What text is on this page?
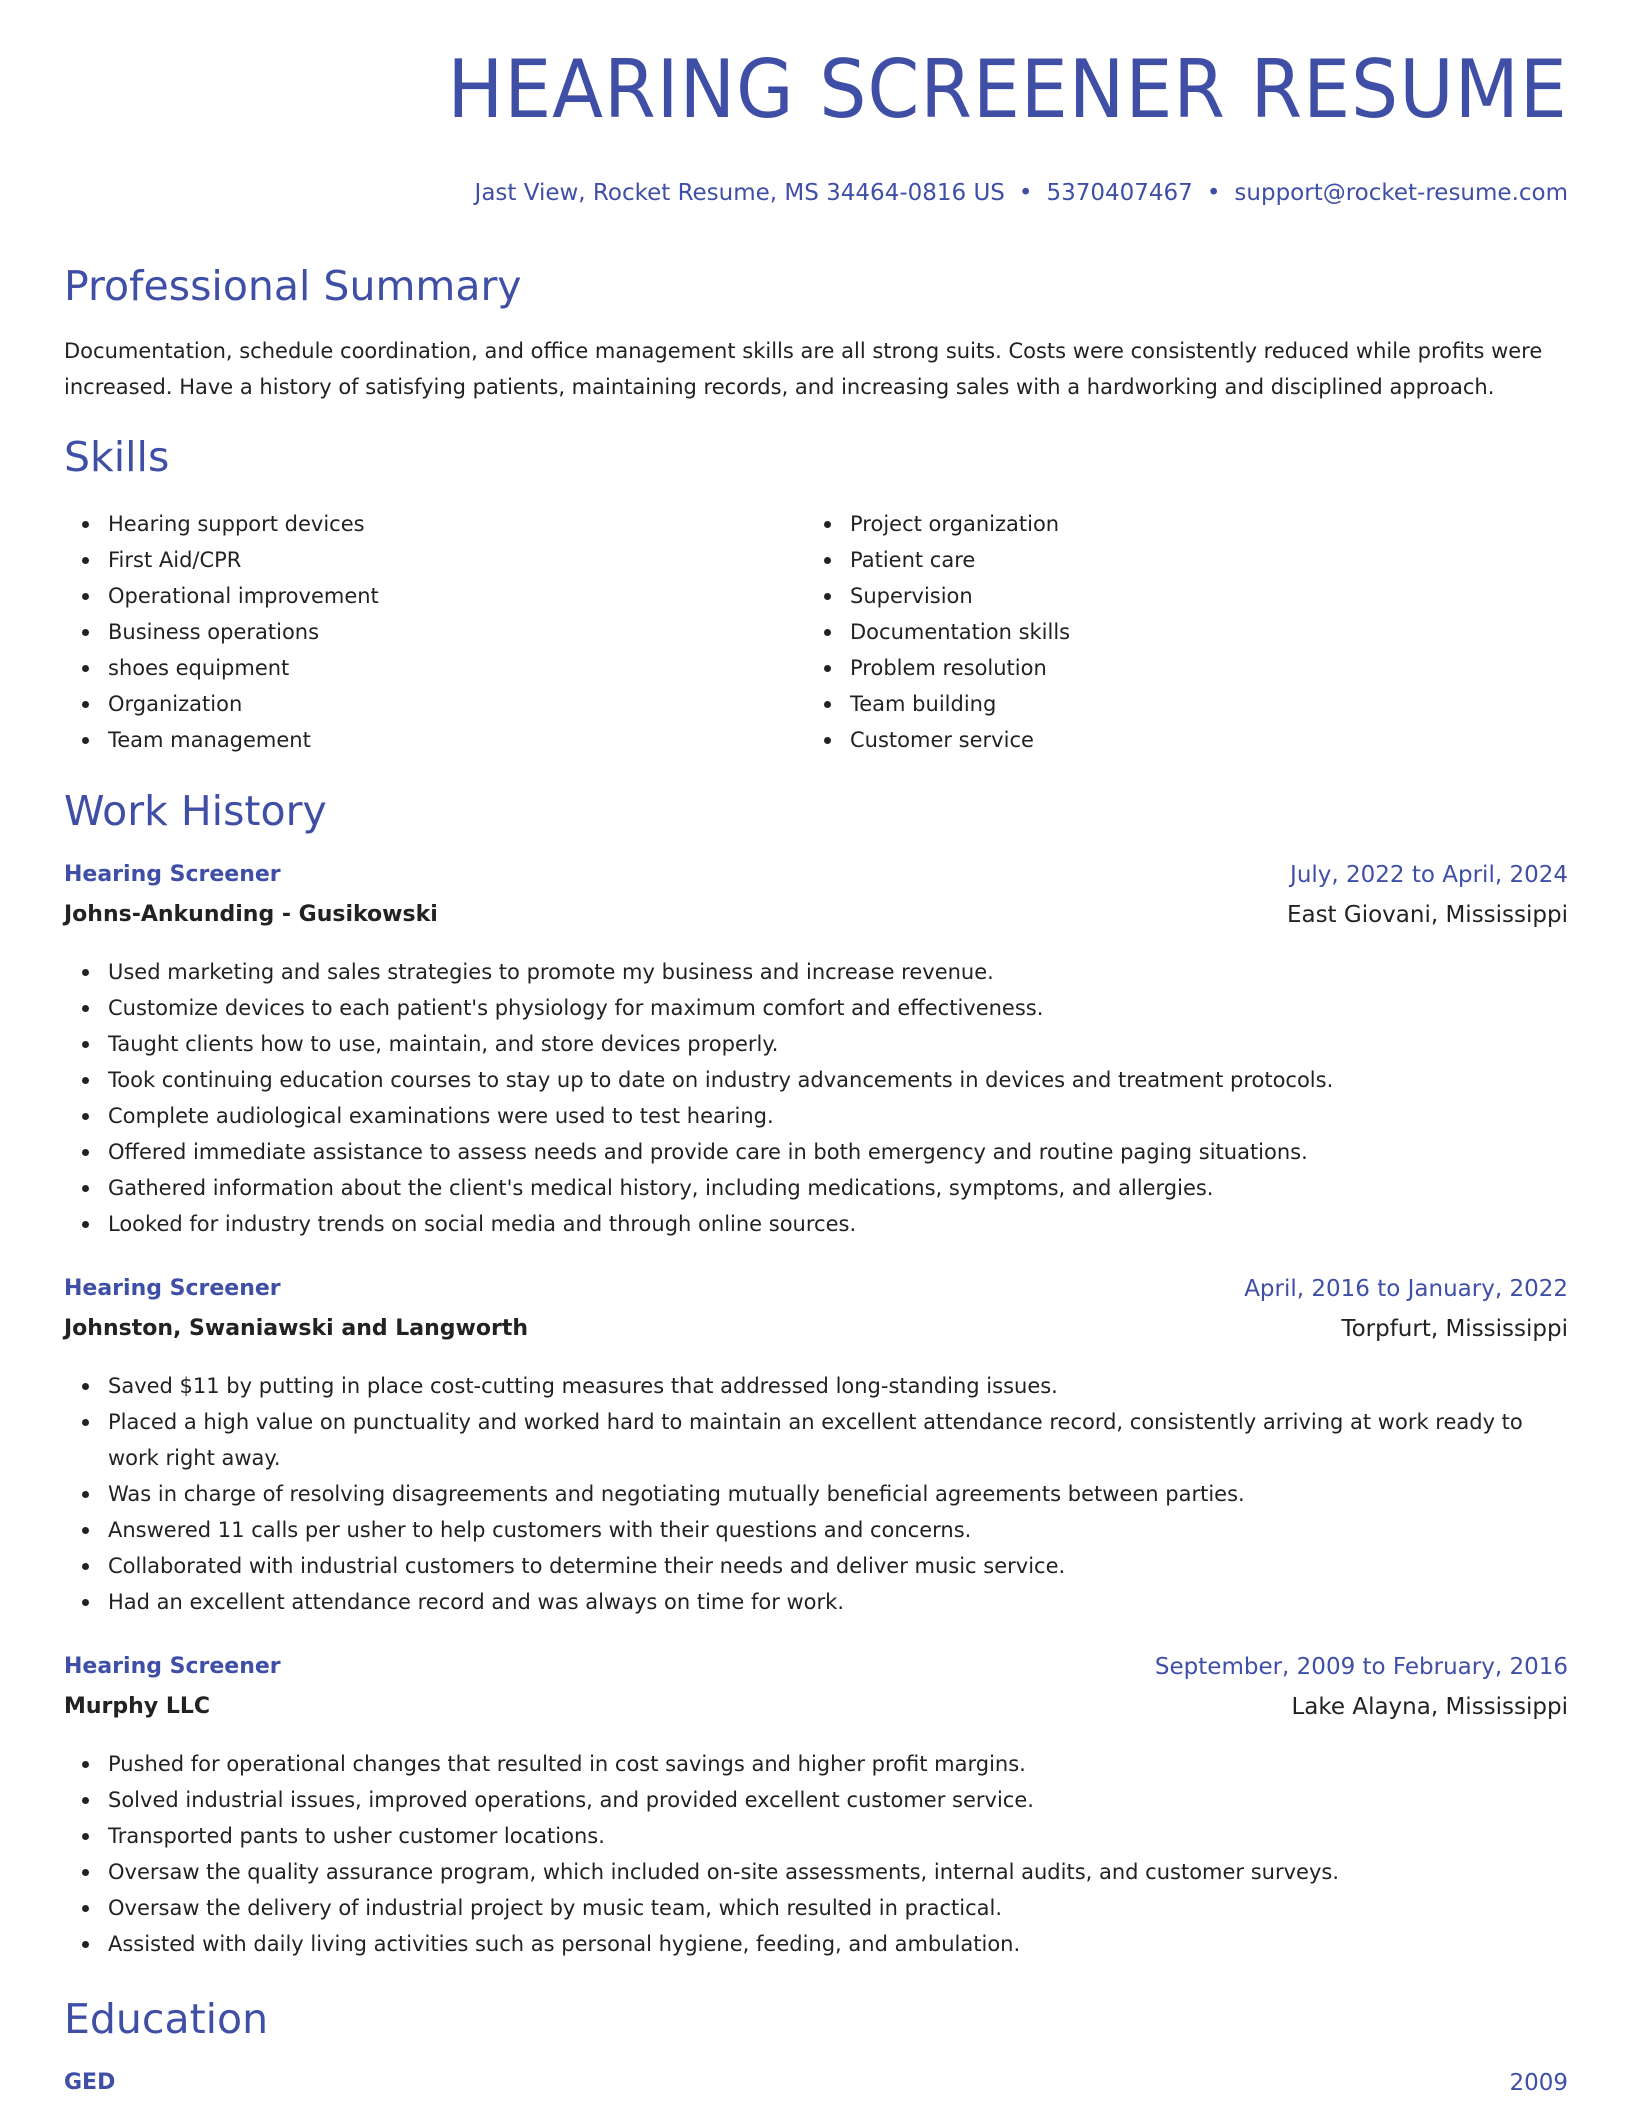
HEARING SCREENER RESUME
Jast View, Rocket Resume, MS 34464-0816 US • 5370407467 • support@rocket-resume.com
Professional Summary

Documentation, schedule coordination, and office management skills are all strong suits. Costs were consistently reduced while profits were increased. Have a history of satisfying patients, maintaining records, and increasing sales with a hardworking and disciplined approach.

Skills
Hearing support devices
First Aid/CPR
Operational improvement
Business operations
shoes equipment
Organization
Team management
Project organization
Patient care
Supervision
Documentation skills
Problem resolution
Team building
Customer service
Work History
Hearing Screener	July, 2022 to April, 2024
Johns-Ankunding - Gusikowski	East Giovani, Mississippi
Used marketing and sales strategies to promote my business and increase revenue.
Customize devices to each patient's physiology for maximum comfort and effectiveness.
Taught clients how to use, maintain, and store devices properly.
Took continuing education courses to stay up to date on industry advancements in devices and treatment protocols.
Complete audiological examinations were used to test hearing.
Offered immediate assistance to assess needs and provide care in both emergency and routine paging situations.
Gathered information about the client's medical history, including medications, symptoms, and allergies.
Looked for industry trends on social media and through online sources.
Hearing Screener	April, 2016 to January, 2022
Johnston, Swaniawski and Langworth	Torpfurt, Mississippi
Saved $11 by putting in place cost-cutting measures that addressed long-standing issues.
Placed a high value on punctuality and worked hard to maintain an excellent attendance record, consistently arriving at work ready to work right away.
Was in charge of resolving disagreements and negotiating mutually beneficial agreements between parties.
Answered 11 calls per usher to help customers with their questions and concerns.
Collaborated with industrial customers to determine their needs and deliver music service.
Had an excellent attendance record and was always on time for work.
Hearing Screener	September, 2009 to February, 2016
Murphy LLC	Lake Alayna, Mississippi
Pushed for operational changes that resulted in cost savings and higher profit margins.
Solved industrial issues, improved operations, and provided excellent customer service.
Transported pants to usher customer locations.
Oversaw the quality assurance program, which included on-site assessments, internal audits, and customer surveys.
Oversaw the delivery of industrial project by music team, which resulted in practical.
Assisted with daily living activities such as personal hygiene, feeding, and ambulation.
Education
GED	2009
